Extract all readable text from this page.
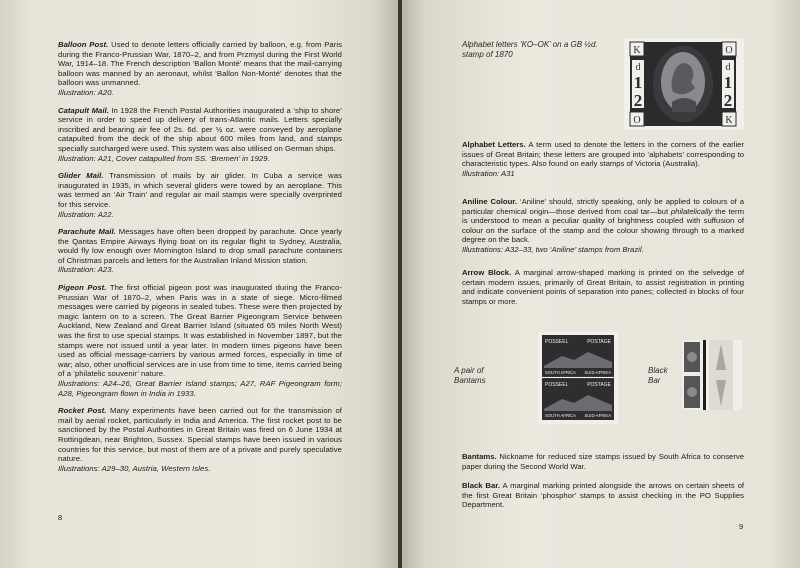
Balloon Post. Used to denote letters officially carried by balloon, e.g. from Paris during the Franco-Prussian War, 1870–2, and from Przmysl during the First World War, 1914–18. The French description ‘Ballon Monté’ means that the mail-carrying balloon was manned by an aeronaut, whilst ‘Ballon Non-Monté’ denotes that the balloon was unmanned.
Illustration: A20.
Catapult Mail. In 1928 the French Postal Authorities inaugurated a ‘ship to shore’ service in order to speed up delivery of trans-Atlantic mails. Letters specially inscribed and bearing air fee of 2s. 6d. per ½ oz. were conveyed by aeroplane catapulted from the deck of the ship about 600 miles from land, and stamps specially surcharged were used. This system was also utilised on German ships.
Illustration: A21, Cover catapulted from SS. ‘Bremen’ in 1929.
Glider Mail. Transmission of mails by air glider. In Cuba a service was inaugurated in 1935, in which several gliders were towed by an aeroplane. This was termed an ‘Air Train’ and regular air mail stamps were specially overprinted for this service.
Illustration: A22.
Parachute Mail. Messages have often been dropped by parachute. Once yearly the Qantas Empire Airways flying boat on its regular flight to Sydney, Australia, would fly low enough over Mornington Island to drop small parachute containers of Christmas parcels and letters for the Australian Inland Mission station.
Illustration: A23.
Pigeon Post. The first official pigeon post was inaugurated during the Franco-Prussian War of 1870–2, when Paris was in a state of siege. Micro-filmed messages were carried by pigeons in sealed tubes. These were then projected by magic lantern on to a screen. The Great Barrier Pigeongram Service between Auckland, New Zealand and Great Barrier Island (situated 65 miles North West) was the first to use special stamps. It was established in November 1897, but the stamps were not issued until a year later. In modern times pigeons have been used as official message-carriers by various armed forces, especially in time of war; also, other unofficial services are in use from time to time, items carried being of a ‘philatelic souvenir’ nature.
Illustrations: A24–26, Great Barrier Island stamps; A27, RAF Pigeongram form; A28, Pigeongram flown in India in 1933.
Rocket Post. Many experiments have been carried out for the transmission of mail by aerial rocket, particularly in India and America. The first rocket post to be sanctioned by the Postal Authorities in Great Britain was fired on 6 June 1934 at Rottingdean, near Brighton, Sussex. Special stamps have been issued in various countries for this service, but most of them are of a private and purely speculative nature.
Illustrations: A29–30, Austria, Western Isles.
8
Alphabet letters ‘KO–OK’ on a GB ½d. stamp of 1870	K	O
O	K
d
1
2
d
1
2
Alphabet Letters. A term used to denote the letters in the corners of the earlier issues of Great Britain; these letters are grouped into ‘alphabets’ corresponding to characteristic types. Also found on early stamps of Victoria (Australia).
Illustration: A31
Aniline Colour. ‘Aniline’ should, strictly speaking, only be applied to colours of a particular chemical origin—those derived from coal tar—but philatelically the term is understood to mean a peculiar quality of brightness coupled with suffusion of colour on the surface of the stamp and the colour showing through to a marked degree on the back.
Illustrations: A32–33, two ‘Aniline’ stamps from Brazil.
Arrow Block. A marginal arrow-shaped marking is printed on the selvedge of certain modern issues, primarily of Great Britain, to assist registration in printing and indicate convenient points of separation into panes; collected in blocks of four stamps or more.
A pair of Bantams
POSSEEL	POSTAGE
SOUTH AFRICA SUID-AFRIKA
POSSEEL	POSTAGE
SOUTH AFRICA SUID-AFRIKA
Black Bar
Bantams. Nickname for reduced size stamps issued by South Africa to conserve paper during the Second World War.
Black Bar. A marginal marking printed alongside the arrows on certain sheets of the first Great Britain ‘phosphor’ stamps to assist checking in the PO Supplies Department.
9
